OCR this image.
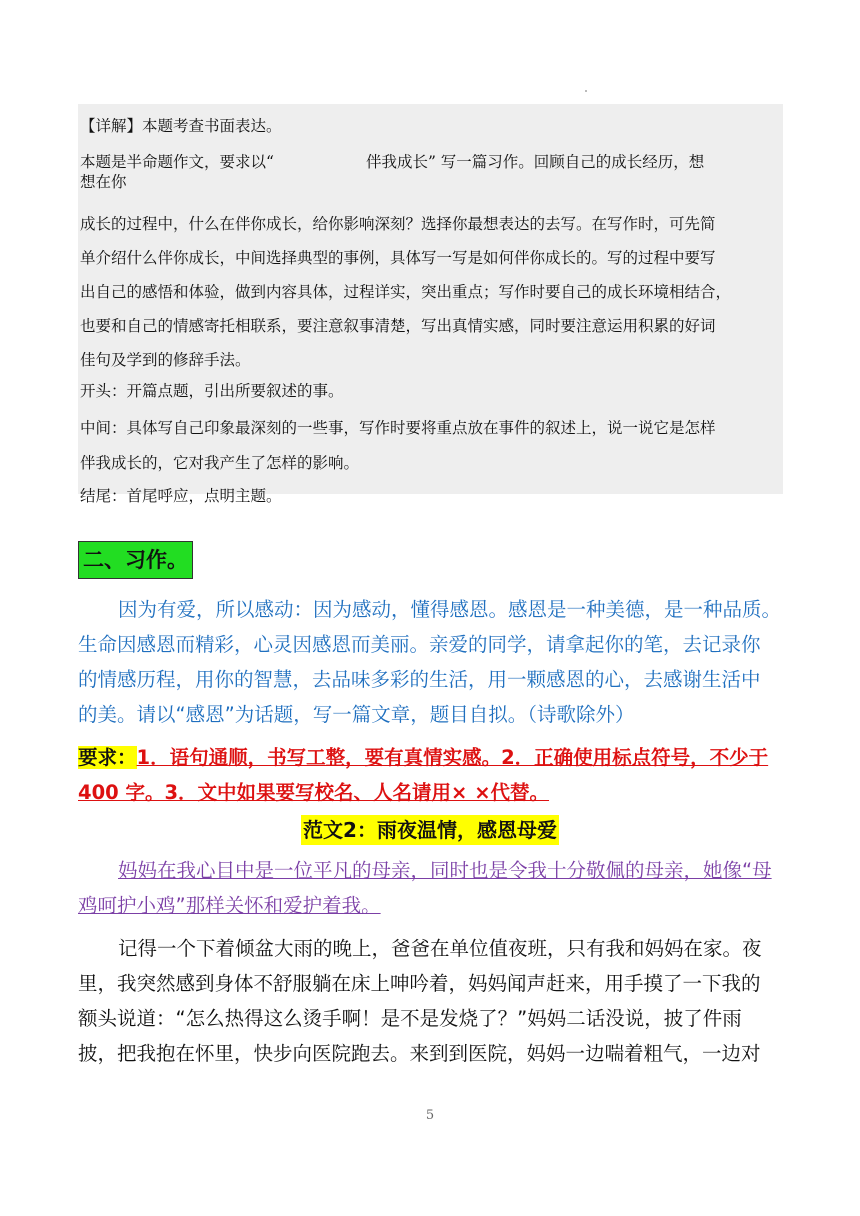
【详解】本题考查书面表达。
本题是半命题作文，要求以“	伴我成长” 写一篇习作。回顾自己的成长经历，想
想在你
成长的过程中，什么在伴你成长，给你影响深刻？选择你最想表达的去写。在写作时，可先简
单介绍什么伴你成长，中间选择典型的事例，具体写一写是如何伴你成长的。写的过程中要写
出自己的感悟和体验，做到内容具体，过程详实，突出重点；写作时要自己的成长环境相结合，
也要和自己的情感寄托相联系，要注意叙事清楚，写出真情实感，同时要注意运用积累的好词
佳句及学到的修辞手法。
开头：开篇点题，引出所要叙述的事。
中间：具体写自己印象最深刻的一些事，写作时要将重点放在事件的叙述上，说一说它是怎样
伴我成长的，它对我产生了怎样的影响。
结尾：首尾呼应，点明主题。
二、习作。
因为有爱，所以感动：因为感动，懂得感恩。感恩是一种美德，是一种品质。
生命因感恩而精彩，心灵因感恩而美丽。亲爱的同学，请拿起你的笔，去记录你
的情感历程，用你的智慧，去品味多彩的生活，用一颗感恩的心，去感谢生活中
的美。请以“感恩”为话题，写一篇文章，题目自拟。（诗歌除外）
要求：1．语句通顺，书写工整，要有真情实感。2．正确使用标点符号，不少于
400 字。3．文中如果要写校名、人名请用× ×代替。
范文2：雨夜温情，感恩母爱
妈妈在我心目中是一位平凡的母亲，同时也是令我十分敬佩的母亲，她像“母
鸡呵护小鸡”那样关怀和爱护着我。
记得一个下着倾盆大雨的晚上，爸爸在单位值夜班，只有我和妈妈在家。夜
里，我突然感到身体不舒服躺在床上呻吟着，妈妈闻声赶来，用手摸了一下我的
额头说道：“怎么热得这么烫手啊！是不是发烧了？”妈妈二话没说，披了件雨
披，把我抱在怀里，快步向医院跑去。来到到医院，妈妈一边喘着粗气，一边对
5
